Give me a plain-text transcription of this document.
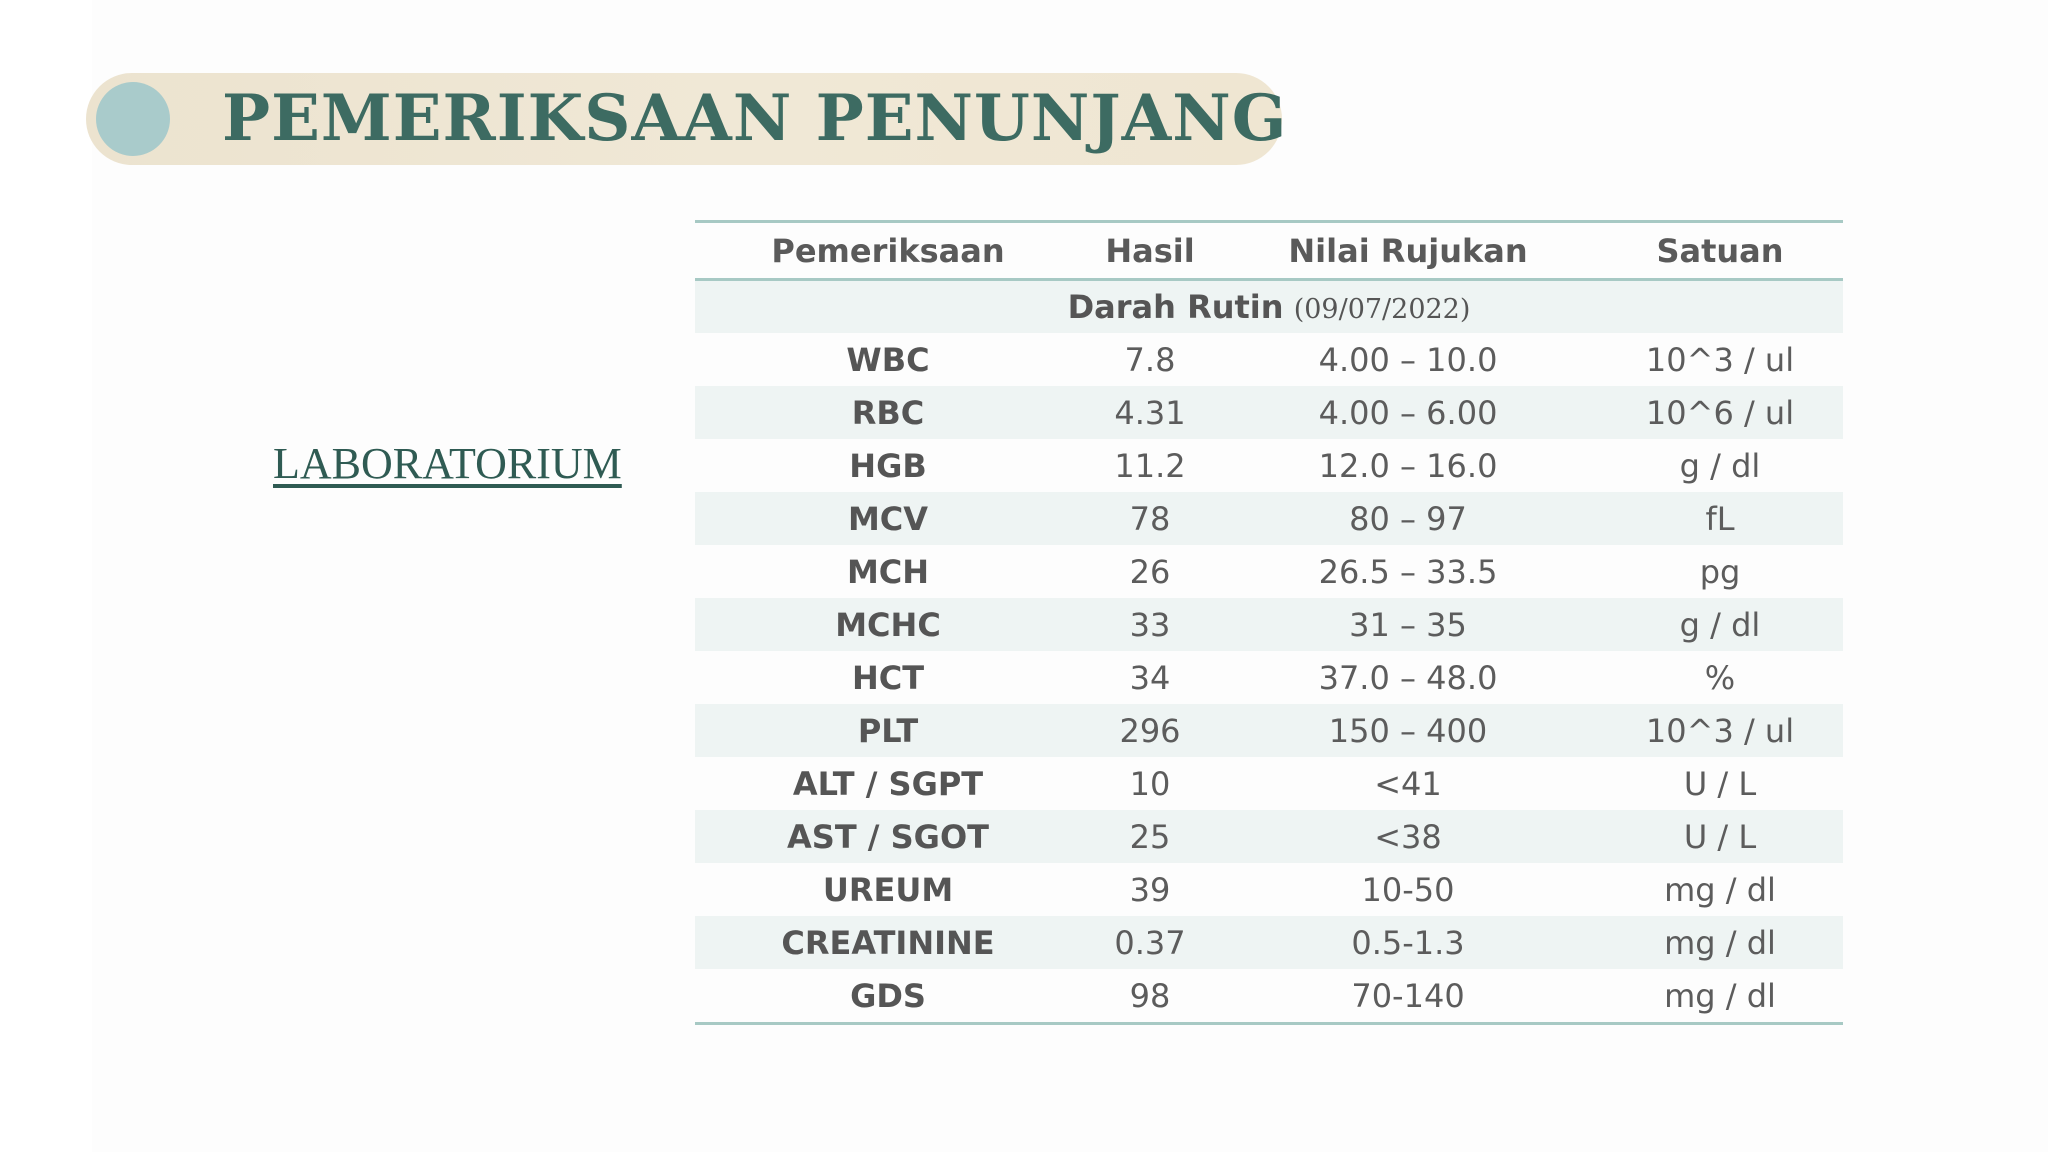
PEMERIKSAAN PENUNJANG
LABORATORIUM
Pemeriksaan	Hasil	Nilai Rujukan	Satuan
Darah Rutin (09/07/2022)			
WBC	7.8	4.00 – 10.0	10^3 / ul
RBC	4.31	4.00 – 6.00	10^6 / ul
HGB	11.2	12.0 – 16.0	g / dl
MCV	78	80 – 97	fL
MCH	26	26.5 – 33.5	pg
MCHC	33	31 – 35	g / dl
HCT	34	37.0 – 48.0	%
PLT	296	150 – 400	10^3 / ul
ALT / SGPT	10	<41	U / L
AST / SGOT	25	<38	U / L
UREUM	39	10-50	mg / dl
CREATININE	0.37	0.5-1.3	mg / dl
GDS	98	70-140	mg / dl
